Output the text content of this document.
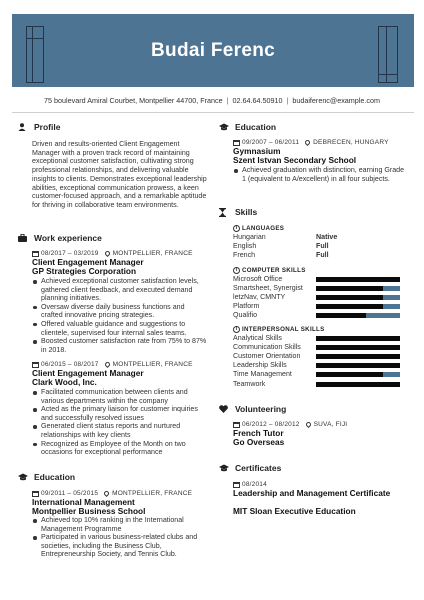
Budai Ferenc
75 boulevard Amiral Courbet, Montpellier 44700, France | 02.64.64.50910 | budaiferenc@example.com
Profile
Driven and results-oriented Client Engagement Manager with a proven track record of maintaining exceptional customer satisfaction, cultivating strong professional relationships, and delivering valuable insights to clients. Demonstrates exceptional leadership abilities, exceptional communication prowess, a keen customer-focused approach, and a remarkable aptitude for thriving in collaborative team environments.
Work experience
08/2017 – 03/2019 MONTPELLIER, FRANCE
Client Engagement Manager
GP Strategies Corporation
Achieved exceptional customer satisfaction levels, gathered client feedback, and executed demand planning initiatives.
Oversaw diverse daily business functions and crafted innovative pricing strategies.
Offered valuable guidance and suggestions to clientele, supervised four internal sales teams.
Boosted customer satisfaction rate from 75% to 87% in 2018.
06/2015 – 08/2017 MONTPELLIER, FRANCE
Client Engagement Manager
Clark Wood, Inc.
Facilitated communication between clients and various departments within the company
Acted as the primary liaison for customer inquiries and successfully resolved issues
Generated client status reports and nurtured relationships with key clients
Recognized as Employee of the Month on two occasions for exceptional performance
Education
09/2011 – 05/2015 MONTPELLIER, FRANCE
International Management
Montpellier Business School
Achieved top 10% ranking in the International Management Programme
Participated in various business-related clubs and societies, including the Business Club, Entrepreneurship Society, and Tennis Club.
Education
09/2007 – 06/2011 DEBRECEN, HUNGARY
Gymnasium
Szent Istvan Secondary School
Achieved graduation with distinction, earning Grade 1 (equivalent to A/excellent) in all four subjects.
Skills
i LANGUAGES
Hungarian	Native
English	Full
French	Full
i COMPUTER SKILLS
Microsoft Office
Smartsheet, Synergist
letzNav, CMNTY
Platform
Qualifio
i INTERPERSONAL SKILLS
Analytical Skills
Communication Skills
Customer Orientation
Leadership Skills
Time Management
Teamwork
Volunteering
06/2012 – 08/2012 SUVA, FIJI
French Tutor
Go Overseas
Certificates
08/2014
Leadership and Management Certificate
MIT Sloan Executive Education
